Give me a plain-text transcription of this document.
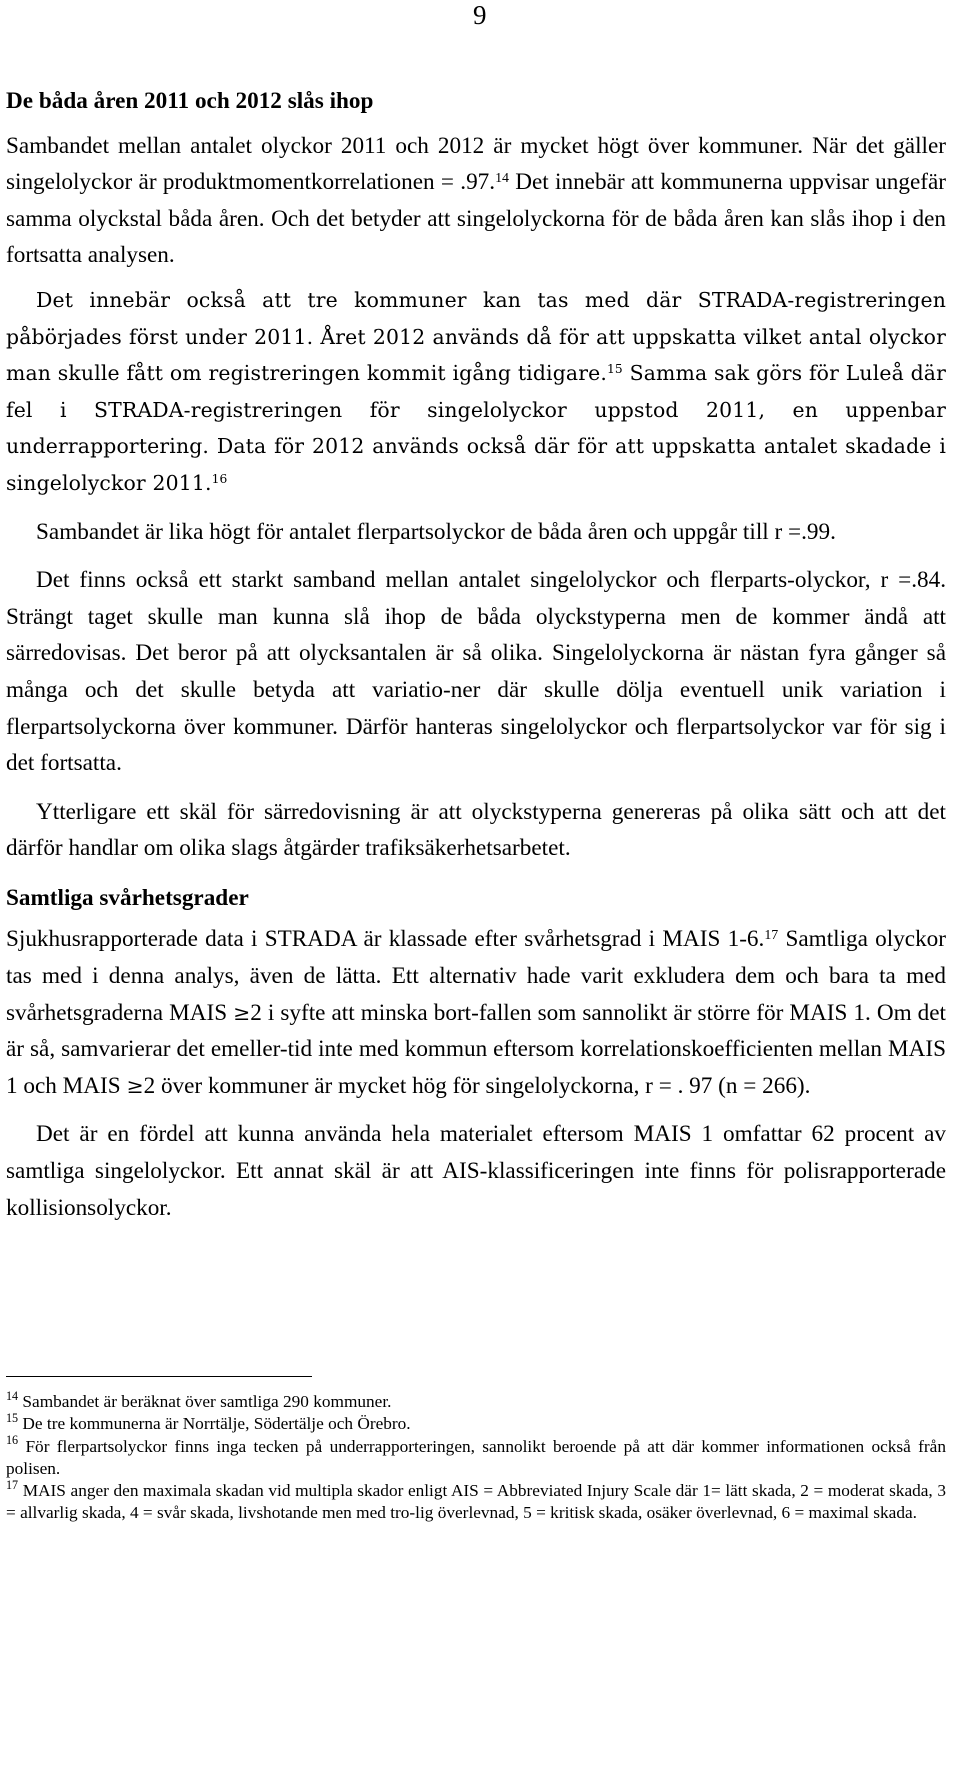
9
De båda åren 2011 och 2012 slås ihop

Sambandet mellan antalet olyckor 2011 och 2012 är mycket högt över kommuner. När det gäller singelolyckor är produktmomentkorrelationen = .97.14 Det innebär att kommunerna uppvisar ungefär samma olyckstal båda åren. Och det betyder att singelolyckorna för de båda åren kan slås ihop i den fortsatta analysen.

Det innebär också att tre kommuner kan tas med där STRADA-registreringen påbörjades först under 2011. Året 2012 används då för att uppskatta vilket antal olyckor man skulle fått om registreringen kommit igång tidigare.$^{15}$ Samma sak görs för Luleå där fel i STRADA-registreringen för singelolyckor uppstod 2011, en uppenbar underrapportering. Data för 2012 används också där för att uppskatta antalet skadade i singelolyckor 2011.16

Sambandet är lika högt för antalet flerpartsolyckor de båda åren och uppgår till r =.99.

Det finns också ett starkt samband mellan antalet singelolyckor och flerparts-olyckor, r =.84. Strängt taget skulle man kunna slå ihop de båda olyckstyperna men de kommer ändå att särredovisas. Det beror på att olycksantalen är så olika. Singelolyckorna är nästan fyra gånger så många och det skulle betyda att variatio-ner där skulle dölja eventuell unik variation i flerpartsolyckorna över kommuner. Därför hanteras singelolyckor och flerpartsolyckor var för sig i det fortsatta.

Ytterligare ett skäl för särredovisning är att olyckstyperna genereras på olika sätt och att det därför handlar om olika slags åtgärder trafiksäkerhetsarbetet.

Samtliga svårhetsgrader

Sjukhusrapporterade data i STRADA är klassade efter svårhetsgrad i MAIS 1-6.17 Samtliga olyckor tas med i denna analys, även de lätta. Ett alternativ hade varit exkludera dem och bara ta med svårhetsgraderna MAIS ≥2 i syfte att minska bort-fallen som sannolikt är större för MAIS 1. Om det är så, samvarierar det emeller-tid inte med kommun eftersom korrelationskoefficienten mellan MAIS 1 och MAIS ≥2 över kommuner är mycket hög för singelolyckorna, r = . 97 (n = 266).

Det är en fördel att kunna använda hela materialet eftersom MAIS 1 omfattar 62 procent av samtliga singelolyckor. Ett annat skäl är att AIS-klassificeringen inte finns för polisrapporterade kollisionsolyckor.

$^{14}$ Sambandet är beräknat över samtliga 290 kommuner.

$^{15}$ De tre kommunerna är Norrtälje, Södertälje och Örebro.

$^{16}$ För flerpartsolyckor finns inga tecken på underrapporteringen, sannolikt beroende på att där kommer informationen också från polisen.

$^{17}$ MAIS anger den maximala skadan vid multipla skador enligt AIS = Abbreviated Injury Scale där 1= lätt skada, 2 = moderat skada, 3 = allvarlig skada, 4 = svår skada, livshotande men med tro-lig överlevnad, 5 = kritisk skada, osäker överlevnad, 6 = maximal skada.
